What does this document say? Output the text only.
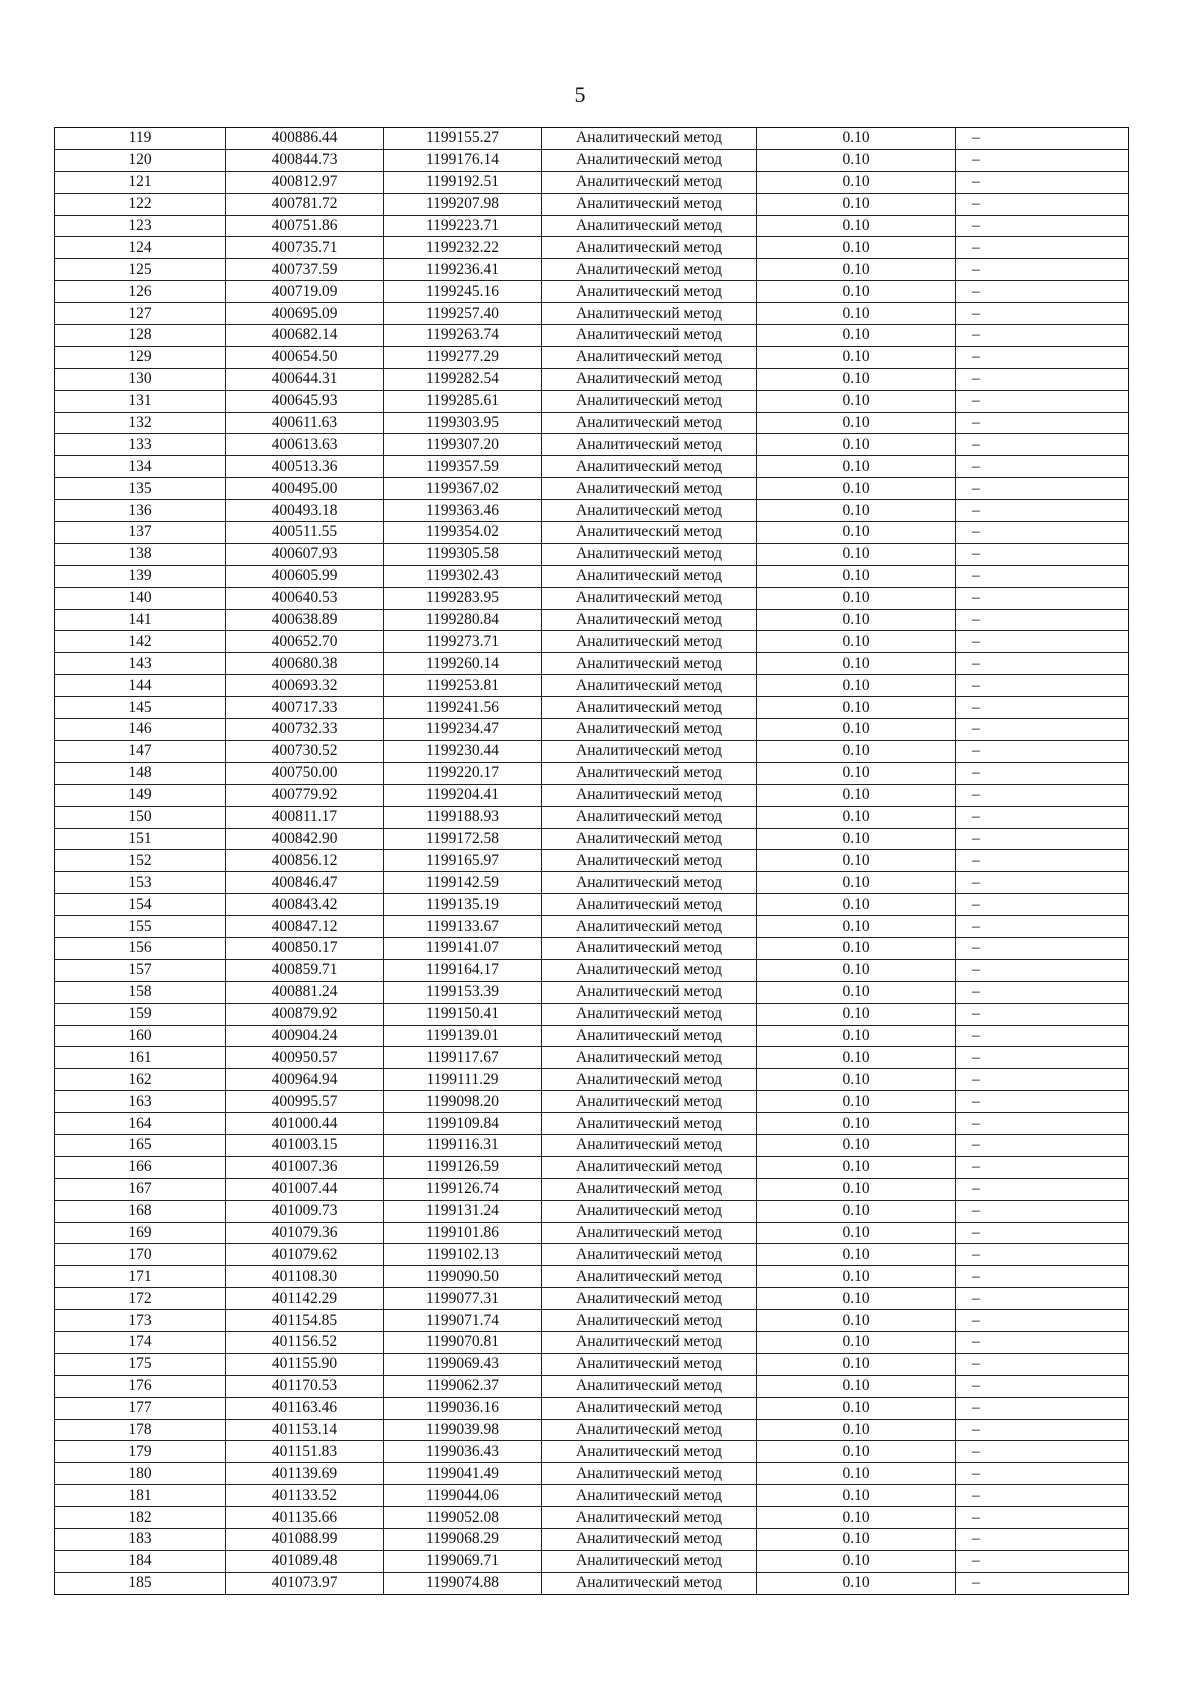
5
119	400886.44	1199155.27	Аналитический метод	0.10	–
120	400844.73	1199176.14	Аналитический метод	0.10	–
121	400812.97	1199192.51	Аналитический метод	0.10	–
122	400781.72	1199207.98	Аналитический метод	0.10	–
123	400751.86	1199223.71	Аналитический метод	0.10	–
124	400735.71	1199232.22	Аналитический метод	0.10	–
125	400737.59	1199236.41	Аналитический метод	0.10	–
126	400719.09	1199245.16	Аналитический метод	0.10	–
127	400695.09	1199257.40	Аналитический метод	0.10	–
128	400682.14	1199263.74	Аналитический метод	0.10	–
129	400654.50	1199277.29	Аналитический метод	0.10	–
130	400644.31	1199282.54	Аналитический метод	0.10	–
131	400645.93	1199285.61	Аналитический метод	0.10	–
132	400611.63	1199303.95	Аналитический метод	0.10	–
133	400613.63	1199307.20	Аналитический метод	0.10	–
134	400513.36	1199357.59	Аналитический метод	0.10	–
135	400495.00	1199367.02	Аналитический метод	0.10	–
136	400493.18	1199363.46	Аналитический метод	0.10	–
137	400511.55	1199354.02	Аналитический метод	0.10	–
138	400607.93	1199305.58	Аналитический метод	0.10	–
139	400605.99	1199302.43	Аналитический метод	0.10	–
140	400640.53	1199283.95	Аналитический метод	0.10	–
141	400638.89	1199280.84	Аналитический метод	0.10	–
142	400652.70	1199273.71	Аналитический метод	0.10	–
143	400680.38	1199260.14	Аналитический метод	0.10	–
144	400693.32	1199253.81	Аналитический метод	0.10	–
145	400717.33	1199241.56	Аналитический метод	0.10	–
146	400732.33	1199234.47	Аналитический метод	0.10	–
147	400730.52	1199230.44	Аналитический метод	0.10	–
148	400750.00	1199220.17	Аналитический метод	0.10	–
149	400779.92	1199204.41	Аналитический метод	0.10	–
150	400811.17	1199188.93	Аналитический метод	0.10	–
151	400842.90	1199172.58	Аналитический метод	0.10	–
152	400856.12	1199165.97	Аналитический метод	0.10	–
153	400846.47	1199142.59	Аналитический метод	0.10	–
154	400843.42	1199135.19	Аналитический метод	0.10	–
155	400847.12	1199133.67	Аналитический метод	0.10	–
156	400850.17	1199141.07	Аналитический метод	0.10	–
157	400859.71	1199164.17	Аналитический метод	0.10	–
158	400881.24	1199153.39	Аналитический метод	0.10	–
159	400879.92	1199150.41	Аналитический метод	0.10	–
160	400904.24	1199139.01	Аналитический метод	0.10	–
161	400950.57	1199117.67	Аналитический метод	0.10	–
162	400964.94	1199111.29	Аналитический метод	0.10	–
163	400995.57	1199098.20	Аналитический метод	0.10	–
164	401000.44	1199109.84	Аналитический метод	0.10	–
165	401003.15	1199116.31	Аналитический метод	0.10	–
166	401007.36	1199126.59	Аналитический метод	0.10	–
167	401007.44	1199126.74	Аналитический метод	0.10	–
168	401009.73	1199131.24	Аналитический метод	0.10	–
169	401079.36	1199101.86	Аналитический метод	0.10	–
170	401079.62	1199102.13	Аналитический метод	0.10	–
171	401108.30	1199090.50	Аналитический метод	0.10	–
172	401142.29	1199077.31	Аналитический метод	0.10	–
173	401154.85	1199071.74	Аналитический метод	0.10	–
174	401156.52	1199070.81	Аналитический метод	0.10	–
175	401155.90	1199069.43	Аналитический метод	0.10	–
176	401170.53	1199062.37	Аналитический метод	0.10	–
177	401163.46	1199036.16	Аналитический метод	0.10	–
178	401153.14	1199039.98	Аналитический метод	0.10	–
179	401151.83	1199036.43	Аналитический метод	0.10	–
180	401139.69	1199041.49	Аналитический метод	0.10	–
181	401133.52	1199044.06	Аналитический метод	0.10	–
182	401135.66	1199052.08	Аналитический метод	0.10	–
183	401088.99	1199068.29	Аналитический метод	0.10	–
184	401089.48	1199069.71	Аналитический метод	0.10	–
185	401073.97	1199074.88	Аналитический метод	0.10	–
